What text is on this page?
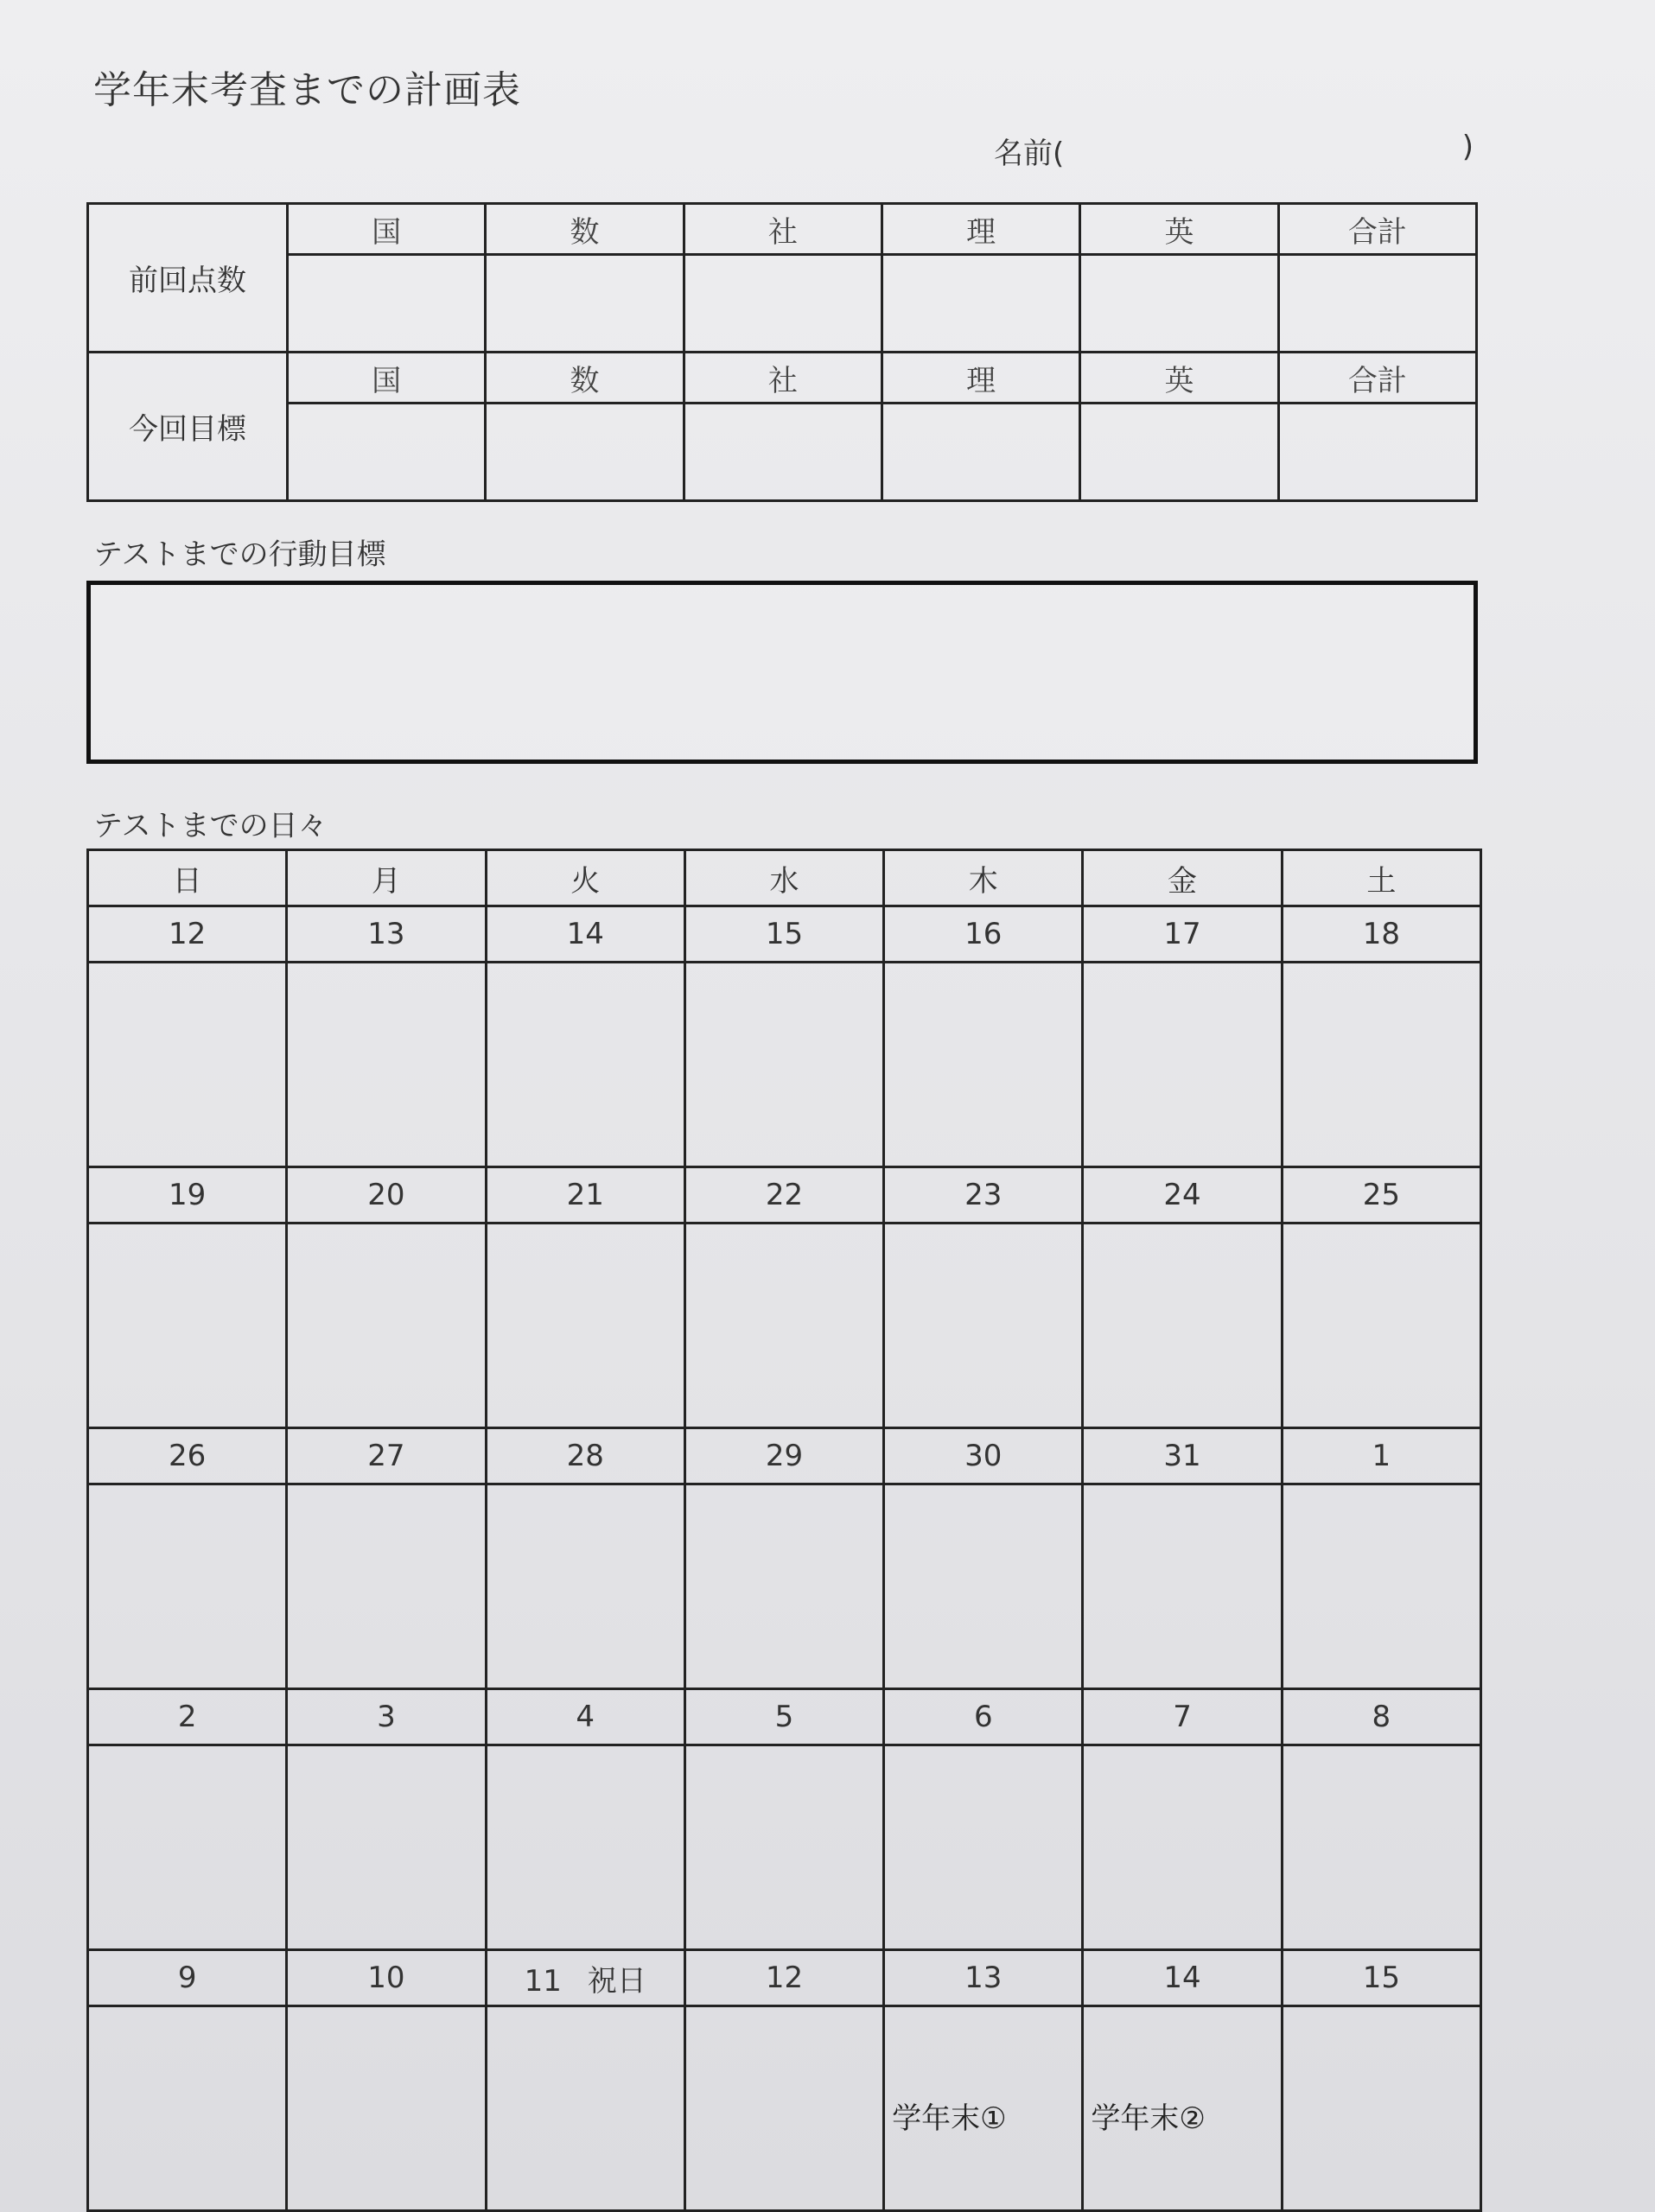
学年末考査までの計画表
名前(	)
前回点数	国	数	社	理	英	合計

今回目標	国	数	社	理	英	合計

テストまでの行動目標
テストまでの日々
日	月	火	水	木	金	土
12	13	14	15	16	17	18

19	20	21	22	23	24	25

26	27	28	29	30	31	1

2	3	4	5	6	7	8

9	10	11 祝日	12	13	14	15

				学年末①	学年末②	
